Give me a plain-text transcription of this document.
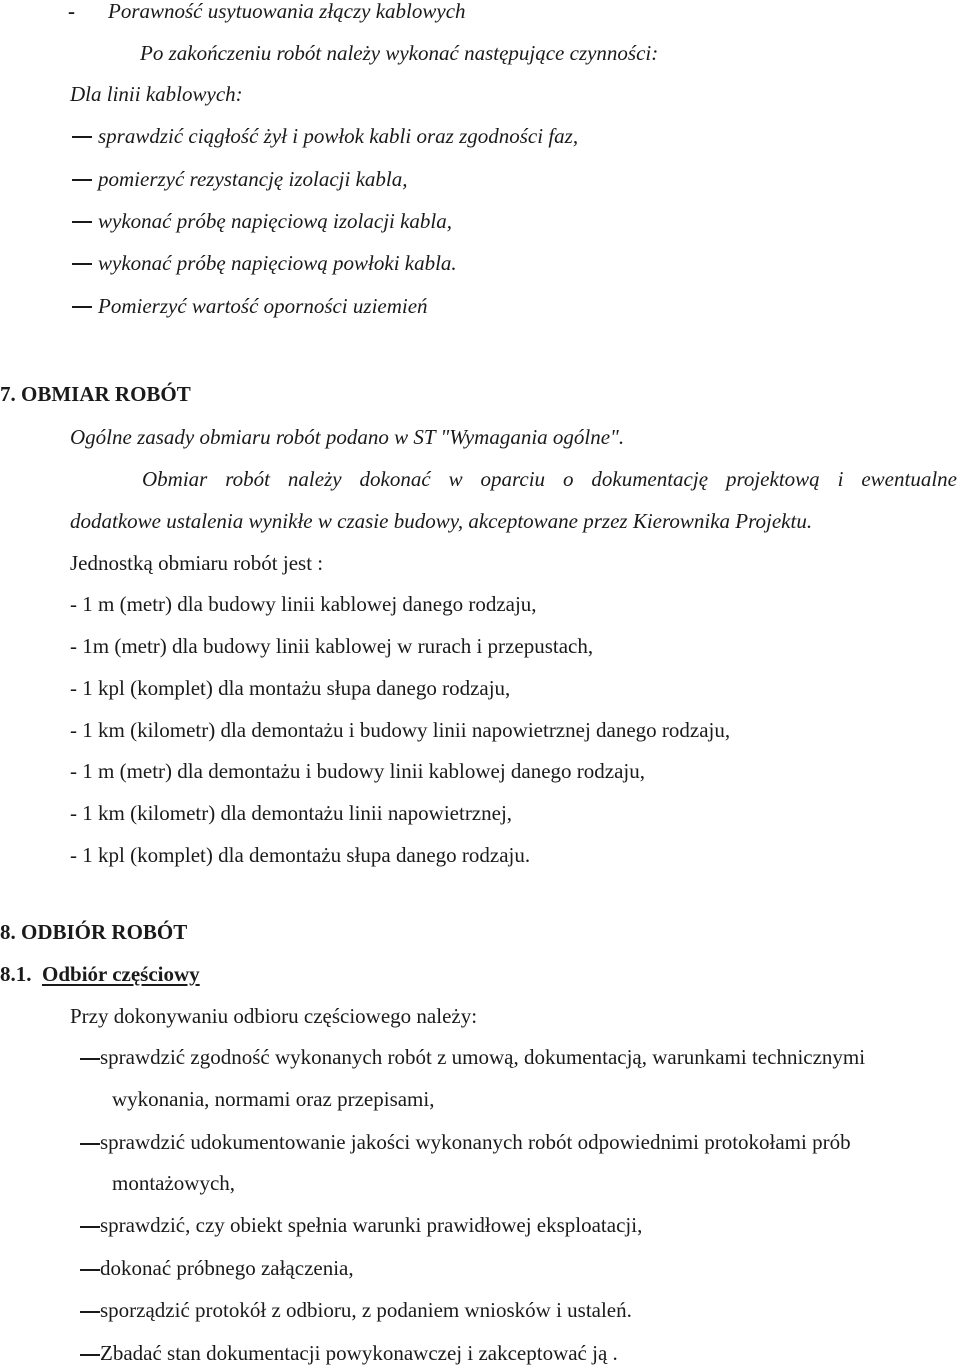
- Porawność usytuowania złączy kablowych
Po zakończeniu robót należy wykonać następujące czynności:
Dla linii kablowych:
sprawdzić ciągłość żył i powłok kabli oraz zgodności faz,
pomierzyć rezystancję izolacji kabla,
wykonać próbę napięciową izolacji kabla,
wykonać próbę napięciową powłoki kabla.
Pomierzyć wartość oporności uziemień
7. OBMIAR ROBÓT
Ogólne zasady obmiaru robót podano w ST "Wymagania ogólne".
Obmiar robót należy dokonać w oparciu o dokumentację projektową i ewentualne
dodatkowe ustalenia wynikłe w czasie budowy, akceptowane przez Kierownika Projektu.
Jednostką obmiaru robót jest :
- 1 m (metr) dla budowy linii kablowej danego rodzaju,
- 1m (metr) dla budowy linii kablowej w rurach i przepustach,
- 1 kpl (komplet) dla montażu słupa danego rodzaju,
- 1 km (kilometr) dla demontażu i budowy linii napowietrznej danego rodzaju,
- 1 m (metr) dla demontażu i budowy linii kablowej danego rodzaju,
- 1 km (kilometr) dla demontażu linii napowietrznej,
- 1 kpl (komplet) dla demontażu słupa danego rodzaju.
8. ODBIÓR ROBÓT
8.1. Odbiór częściowy
Przy dokonywaniu odbioru częściowego należy:
sprawdzić zgodność wykonanych robót z umową, dokumentacją, warunkami technicznymi
wykonania, normami oraz przepisami,
sprawdzić udokumentowanie jakości wykonanych robót odpowiednimi protokołami prób
montażowych,
sprawdzić, czy obiekt spełnia warunki prawidłowej eksploatacji,
dokonać próbnego załączenia,
sporządzić protokół z odbioru, z podaniem wniosków i ustaleń.
Zbadać stan dokumentacji powykonawczej i zakceptować ją .
